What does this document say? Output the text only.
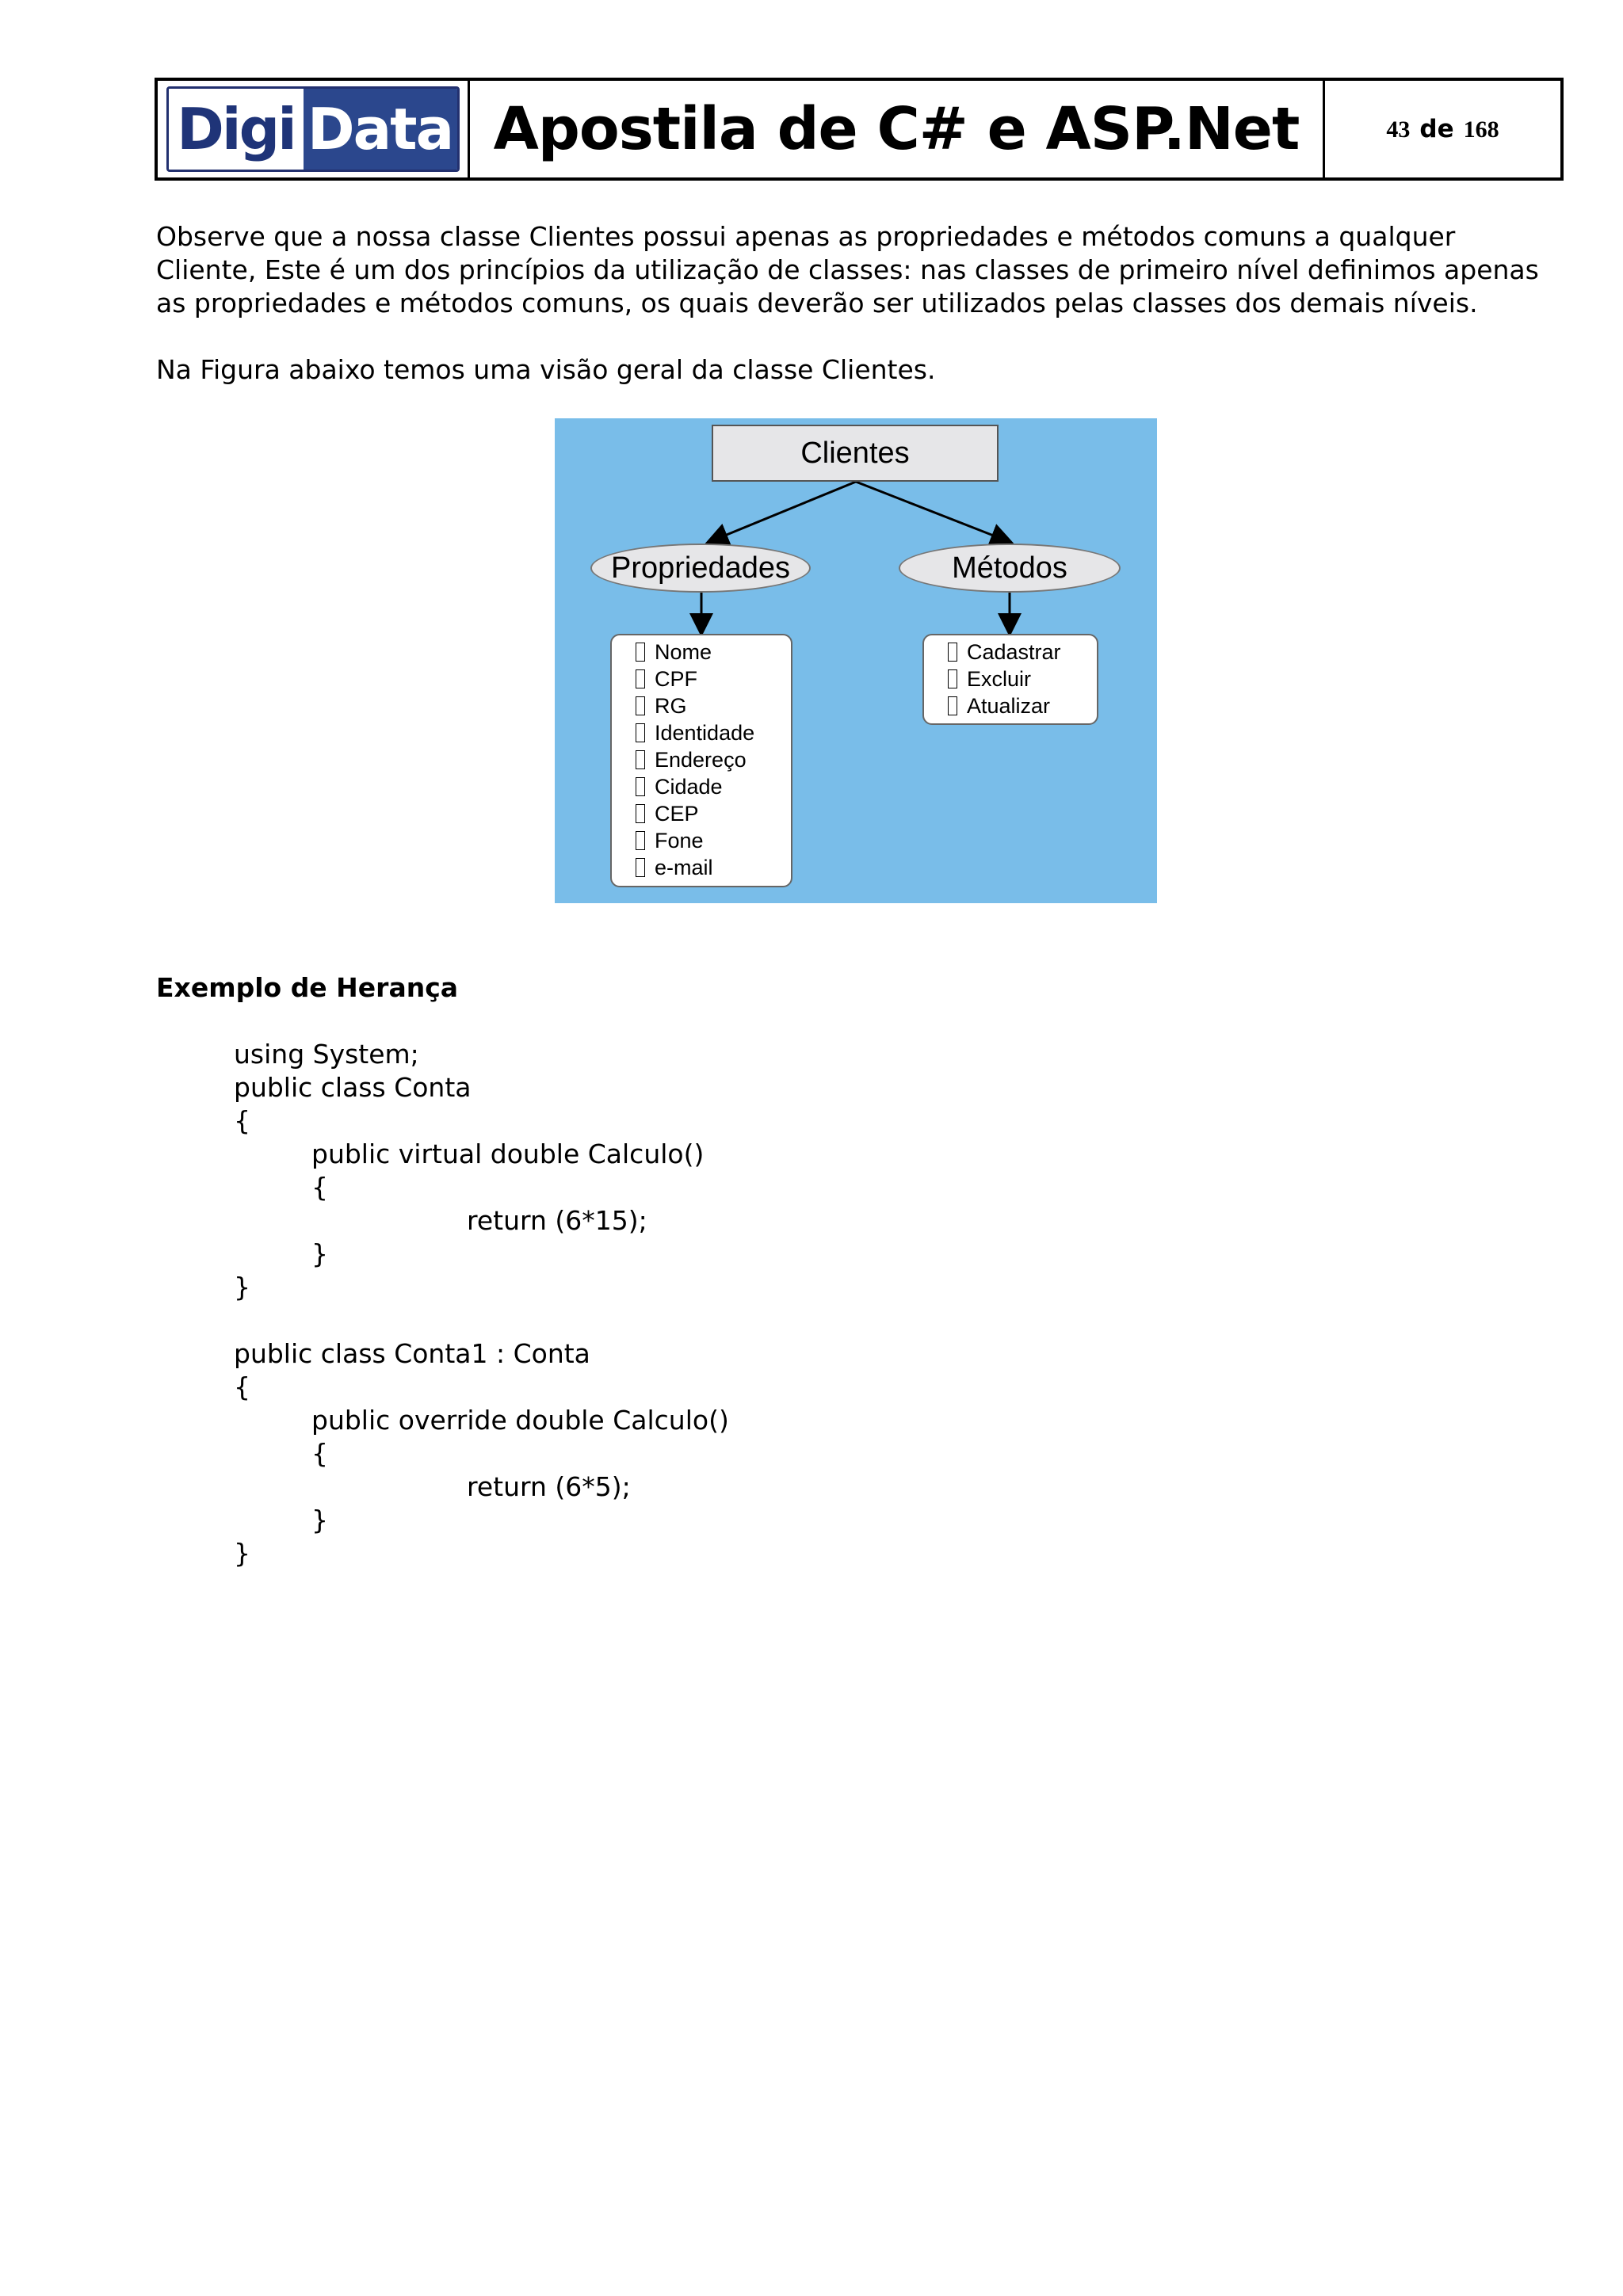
Digi Data Apostila de C# e ASP.Net	43 de 168

Observe que a nossa classe Clientes possui apenas as propriedades e métodos comuns a qualquer Cliente, Este é um dos princípios da utilização de classes: nas classes de primeiro nível definimos apenas as propriedades e métodos comuns, os quais deverão ser utilizados pelas classes dos demais níveis.

Na Figura abaixo temos uma visão geral da classe Clientes.

Clientes
Propriedades	Métodos
Nome
CPF
RG
Identidade
Endereço
Cidade
CEP
Fone
e-mail
Cadastrar
Excluir
Atualizar
Exemplo de Herança
using System;
public class Conta
{
public virtual double Calculo()
{
return (6*15);
}
}
public class Conta1 : Conta
{
public override double Calculo()
{
return (6*5);
}
}
